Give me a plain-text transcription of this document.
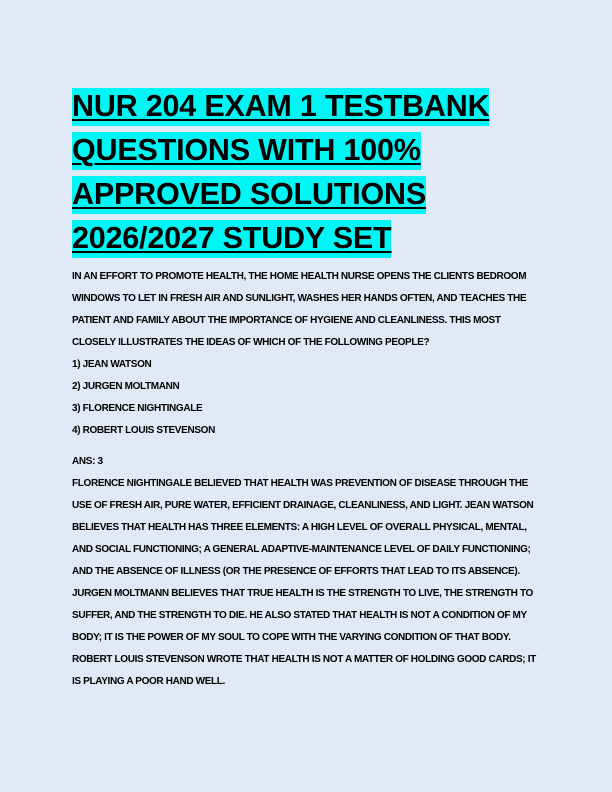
NUR 204 EXAM 1 TESTBANK
QUESTIONS WITH 100%
APPROVED SOLUTIONS
2026/2027 STUDY SET

IN AN EFFORT TO PROMOTE HEALTH, THE HOME HEALTH NURSE OPENS THE CLIENTS BEDROOM WINDOWS TO LET IN FRESH AIR AND SUNLIGHT, WASHES HER HANDS OFTEN, AND TEACHES THE PATIENT AND FAMILY ABOUT THE IMPORTANCE OF HYGIENE AND CLEANLINESS. THIS MOST CLOSELY ILLUSTRATES THE IDEAS OF WHICH OF THE FOLLOWING PEOPLE?

1) JEAN WATSON
2) JURGEN MOLTMANN
3) FLORENCE NIGHTINGALE
4) ROBERT LOUIS STEVENSON

ANS: 3

FLORENCE NIGHTINGALE BELIEVED THAT HEALTH WAS PREVENTION OF DISEASE THROUGH THE USE OF FRESH AIR, PURE WATER, EFFICIENT DRAINAGE, CLEANLINESS, AND LIGHT. JEAN WATSON BELIEVES THAT HEALTH HAS THREE ELEMENTS: A HIGH LEVEL OF OVERALL PHYSICAL, MENTAL, AND SOCIAL FUNCTIONING; A GENERAL ADAPTIVE-MAINTENANCE LEVEL OF DAILY FUNCTIONING; AND THE ABSENCE OF ILLNESS (OR THE PRESENCE OF EFFORTS THAT LEAD TO ITS ABSENCE). JURGEN MOLTMANN BELIEVES THAT TRUE HEALTH IS THE STRENGTH TO LIVE, THE STRENGTH TO SUFFER, AND THE STRENGTH TO DIE. HE ALSO STATED THAT HEALTH IS NOT A CONDITION OF MY BODY; IT IS THE POWER OF MY SOUL TO COPE WITH THE VARYING CONDITION OF THAT BODY. ROBERT LOUIS STEVENSON WROTE THAT HEALTH IS NOT A MATTER OF HOLDING GOOD CARDS; IT IS PLAYING A POOR HAND WELL.
